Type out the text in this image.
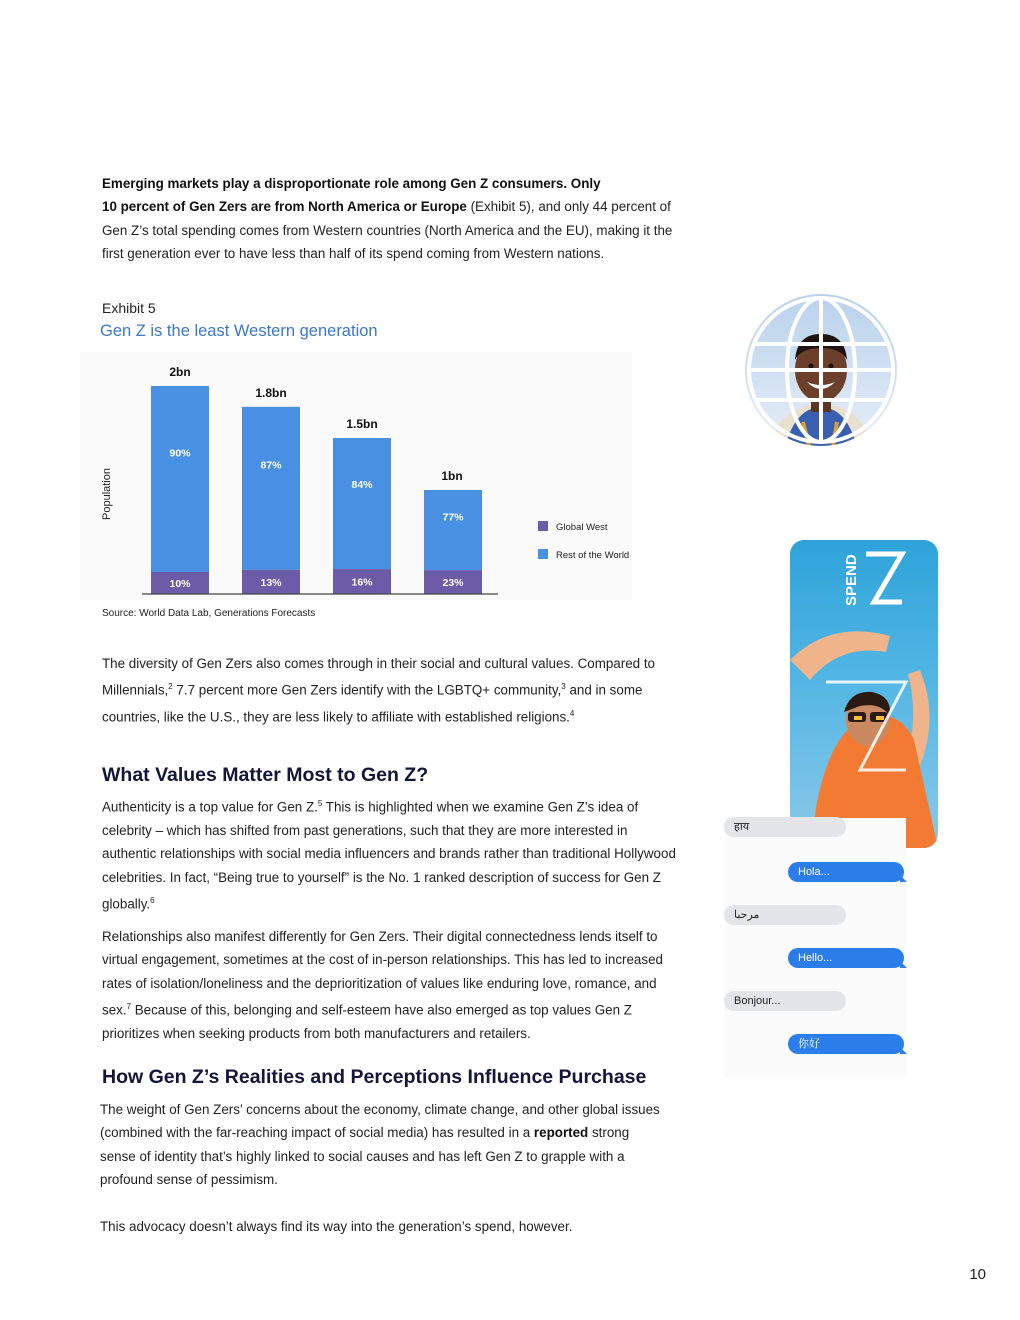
Emerging markets play a disproportionate role among Gen Z consumers. Only
10 percent of Gen Zers are from North America or Europe (Exhibit 5), and only 44 percent of Gen Z’s total spending comes from Western countries (North America and the EU), making it the first generation ever to have less than half of its spend coming from Western nations.
Exhibit 5
Gen Z is the least Western generation
10%
90%
2bn
13%
87%
1.8bn
16%
84%
1.5bn
23%
77%
1bn
Population
Global West
Rest of the World
Source: World Data Lab, Generations Forecasts
The diversity of Gen Zers also comes through in their social and cultural values. Compared to Millennials,$^2$ 7.7 percent more Gen Zers identify with the LGBTQ+ community,$^3$ and in some countries, like the U.S., they are less likely to affiliate with established religions.$^4$
What Values Matter Most to Gen Z?
Authenticity is a top value for Gen Z.$^5$ This is highlighted when we examine Gen Z’s idea of celebrity – which has shifted from past generations, such that they are more interested in authentic relationships with social media influencers and brands rather than traditional Hollywood celebrities. In fact, “Being true to yourself” is the No. 1 ranked description of success for Gen Z globally.$^6$
Relationships also manifest differently for Gen Zers. Their digital connectedness lends itself to virtual engagement, sometimes at the cost of in-person relationships. This has led to increased rates of isolation/loneliness and the deprioritization of values like enduring love, romance, and sex.$^7$ Because of this, belonging and self-esteem have also emerged as top values Gen Z prioritizes when seeking products from both manufacturers and retailers.
How Gen Z’s Realities and Perceptions Influence Purchase
The weight of Gen Zers’ concerns about the economy, climate change, and other global issues (combined with the far-reaching impact of social media) has resulted in a reported strong sense of identity that’s highly linked to social causes and has left Gen Z to grapple with a profound sense of pessimism.
This advocacy doesn’t always find its way into the generation’s spend, however.
SPEND
हाय
Hola...
مرحبا
Hello...
Bonjour...
你好
10
